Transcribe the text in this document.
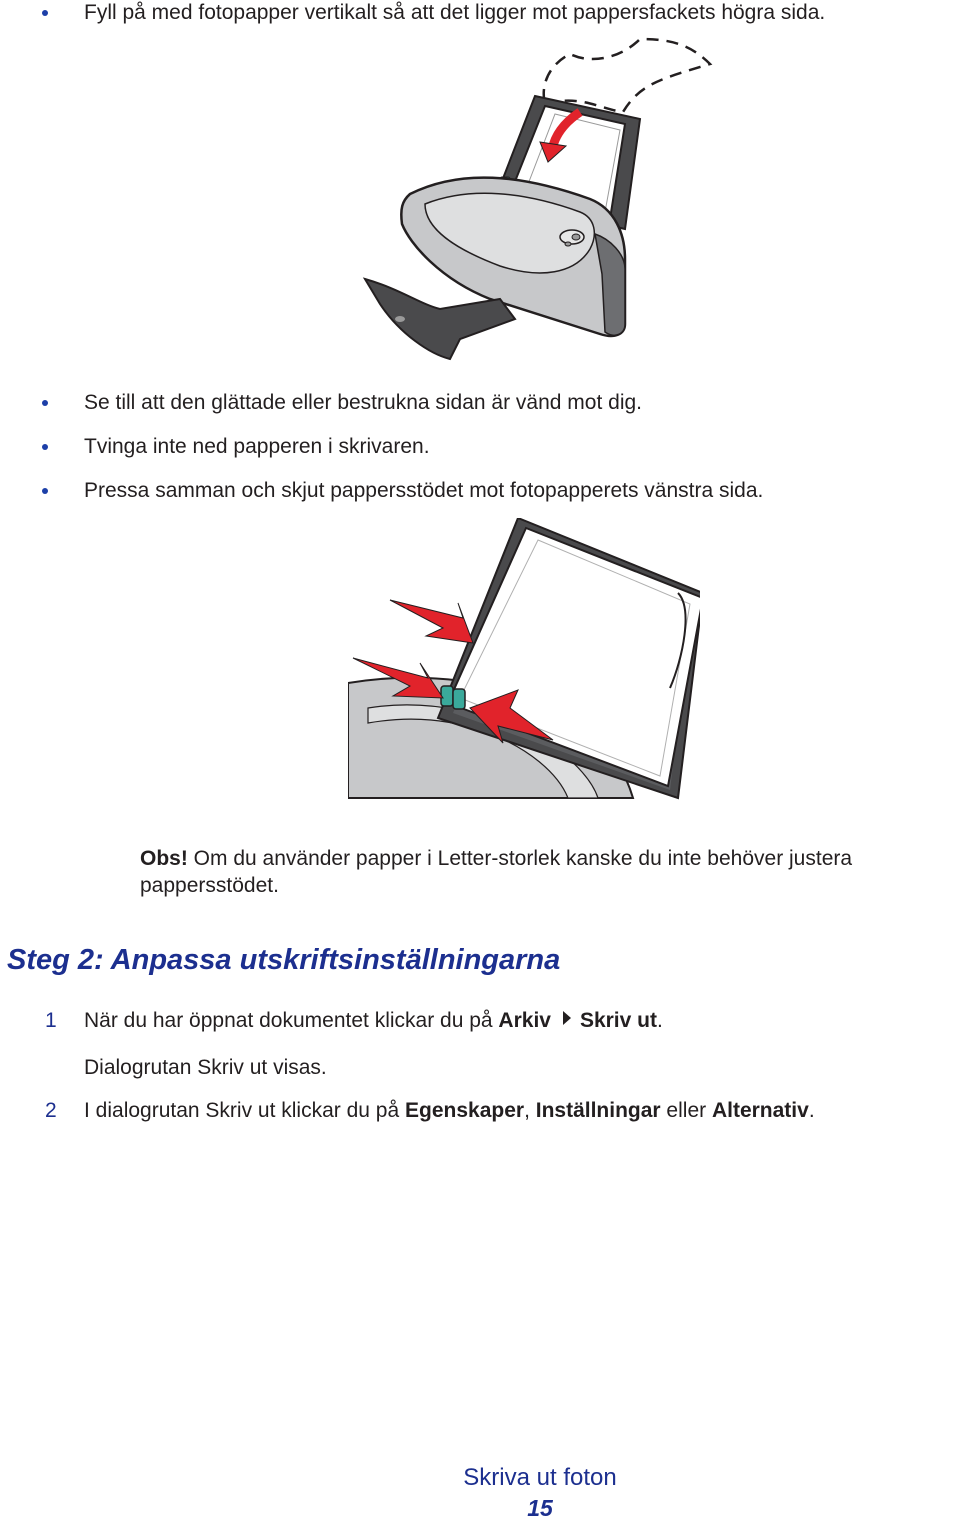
Fyll på med fotopapper vertikalt så att det ligger mot pappersfackets högra sida.
Se till att den glättade eller bestrukna sidan är vänd mot dig.
Tvinga inte ned papperen i skrivaren.
Pressa samman och skjut pappersstödet mot fotopapperets vänstra sida.
Obs! Om du använder papper i Letter-storlek kanske du inte behöver justera pappersstödet.
Steg 2: Anpassa utskriftsinställningarna
1 När du har öppnat dokumentet klickar du på Arkiv Skriv ut.
Dialogrutan Skriv ut visas.
2 I dialogrutan Skriv ut klickar du på Egenskaper, Inställningar eller Alternativ.
Skriva ut foton
15
